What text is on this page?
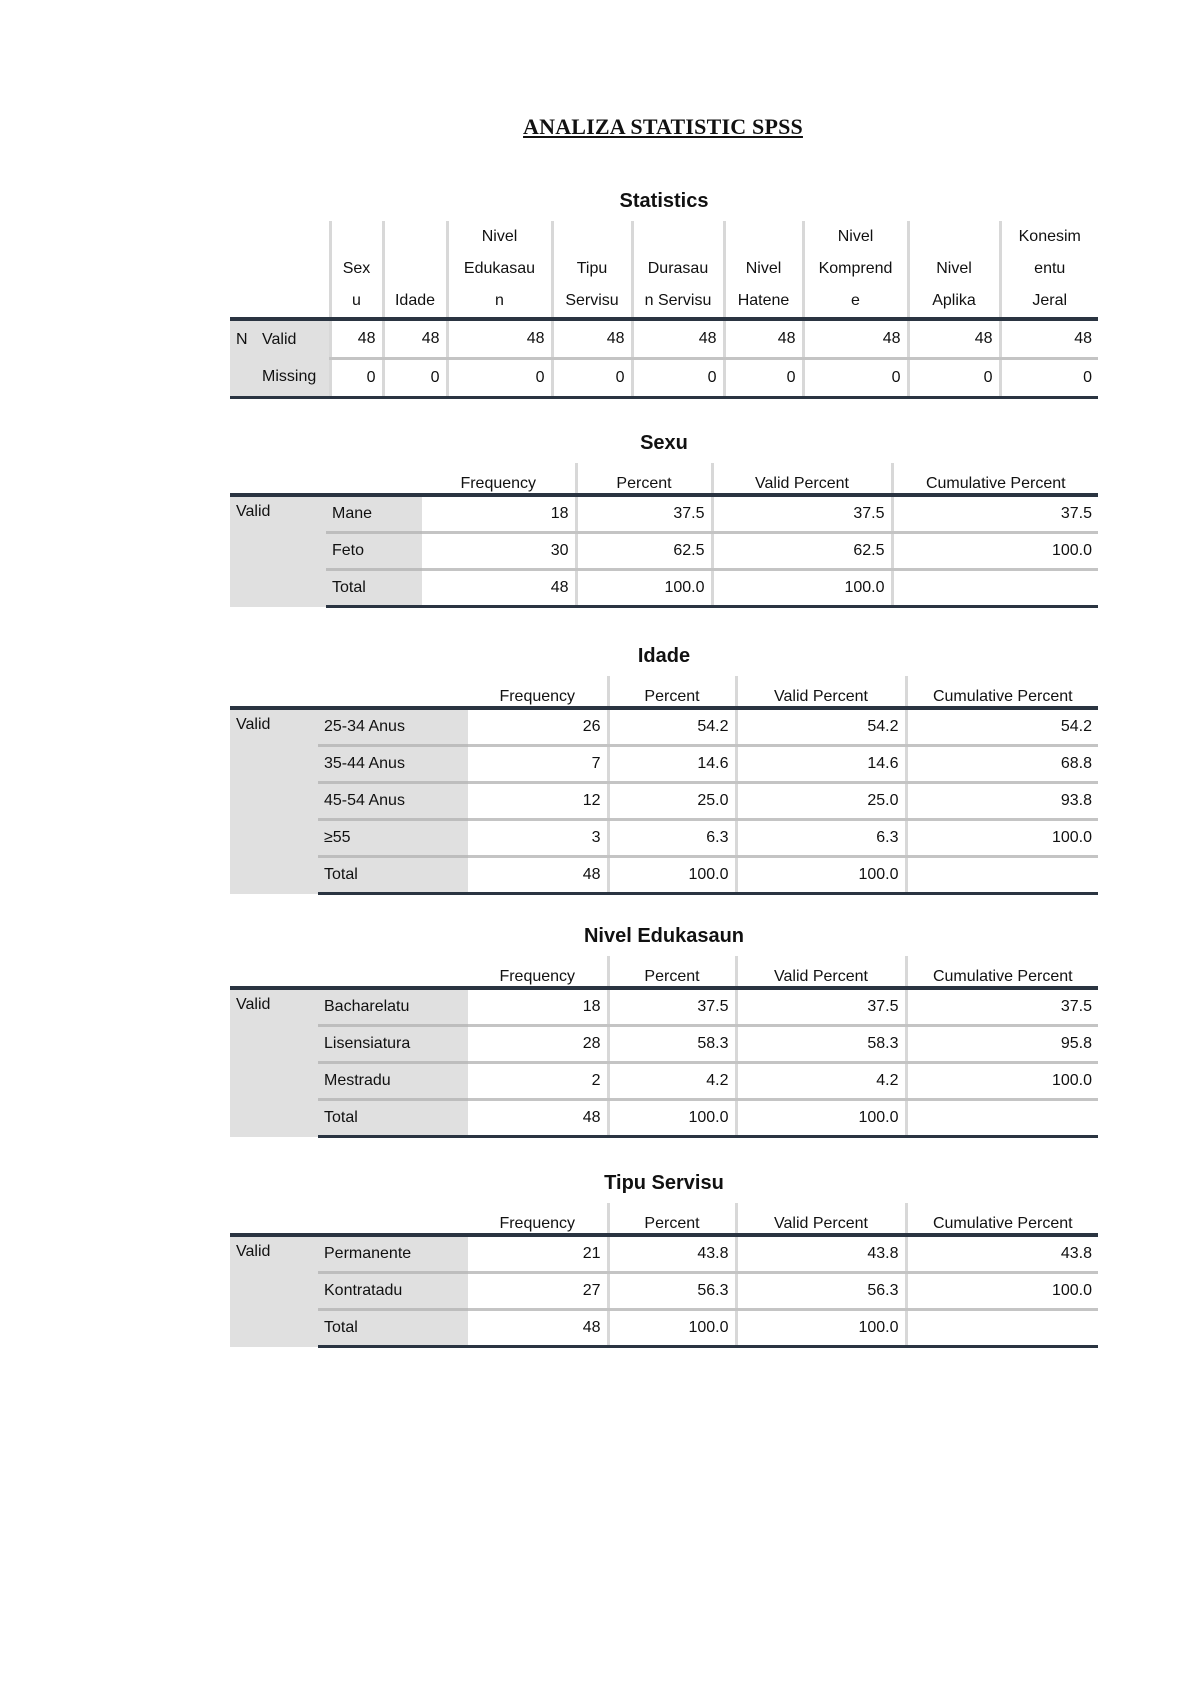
ANALIZA STATISTIC SPSS
Statistics
			Nivel				Nivel		Konesim
	Sex		Edukasau	Tipu	Durasau	Nivel	Komprend	Nivel	entu
	u	Idade	n	Servisu	n Servisu	Hatene	e	Aplika	Jeral
N Valid	48	48	48	48	48	48	48	48	48
Missing	0	0	0	0	0	0	0	0	0
Sexu
		Frequency	Percent	Valid Percent	Cumulative Percent
Valid	Mane	18	37.5	37.5	37.5
	Feto	30	62.5	62.5	100.0
	Total	48	100.0	100.0	
Idade
		Frequency	Percent	Valid Percent	Cumulative Percent
Valid	25-34 Anus	26	54.2	54.2	54.2
	35-44 Anus	7	14.6	14.6	68.8
	45-54 Anus	12	25.0	25.0	93.8
	≥55	3	6.3	6.3	100.0
	Total	48	100.0	100.0	
Nivel Edukasaun
		Frequency	Percent	Valid Percent	Cumulative Percent
Valid	Bacharelatu	18	37.5	37.5	37.5
	Lisensiatura	28	58.3	58.3	95.8
	Mestradu	2	4.2	4.2	100.0
	Total	48	100.0	100.0	
Tipu Servisu
		Frequency	Percent	Valid Percent	Cumulative Percent
Valid	Permanente	21	43.8	43.8	43.8
	Kontratadu	27	56.3	56.3	100.0
	Total	48	100.0	100.0	
